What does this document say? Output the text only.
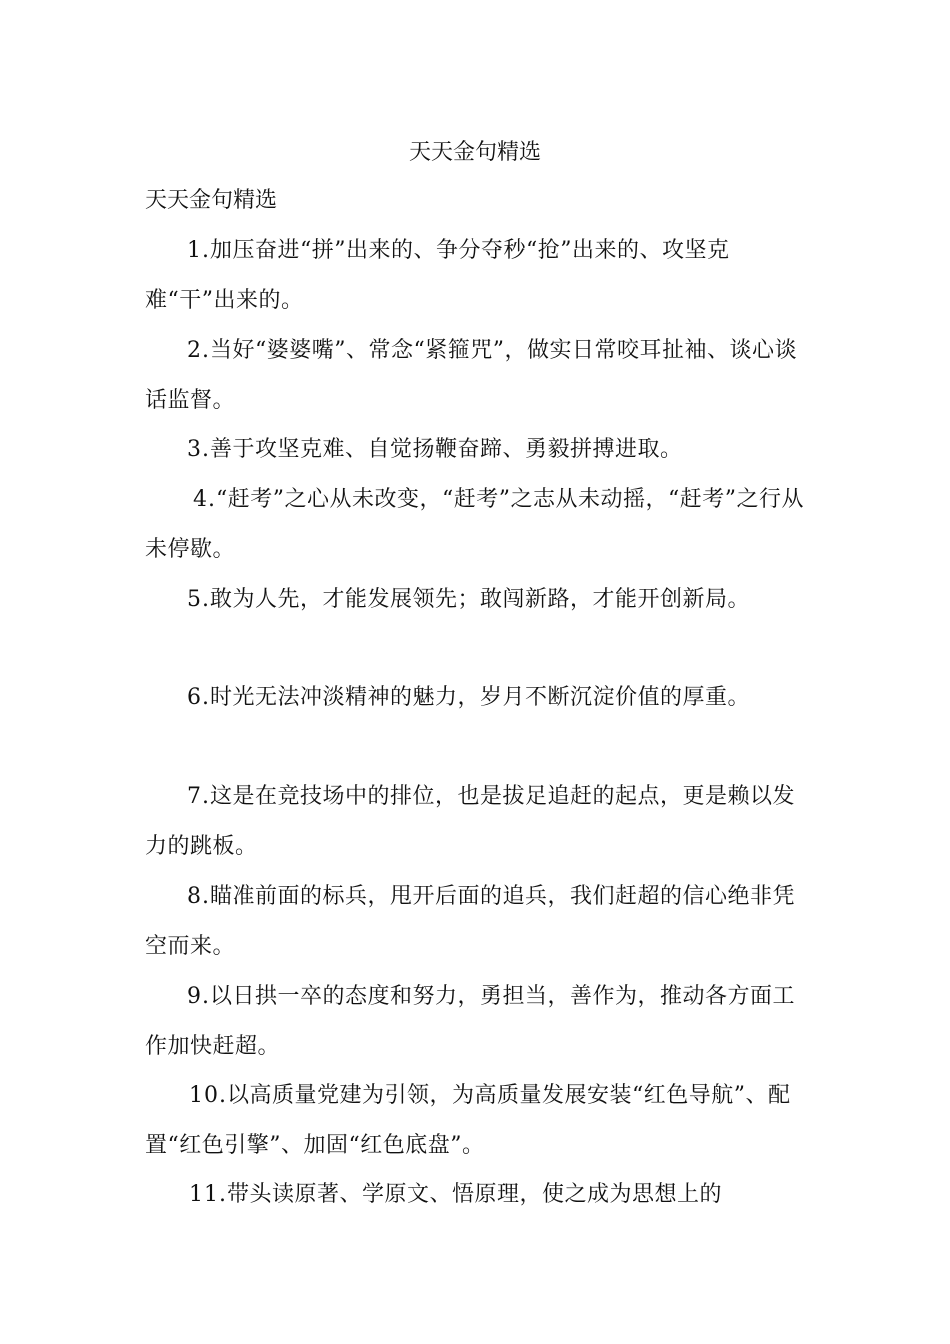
天天金句精选
天天金句精选
1.加压奋进“拼”出来的、争分夺秒“抢”出来的、攻坚克难“干”出来的。
2.当好“婆婆嘴”、常念“紧箍咒”，做实日常咬耳扯袖、谈心谈话监督。
3.善于攻坚克难、自觉扬鞭奋蹄、勇毅拼搏进取。
4.“赶考”之心从未改变，“赶考”之志从未动摇，“赶考”之行从未停歇。
5.敢为人先，才能发展领先；敢闯新路，才能开创新局。
6.时光无法冲淡精神的魅力，岁月不断沉淀价值的厚重。
7.这是在竞技场中的排位，也是拔足追赶的起点，更是赖以发力的跳板。
8.瞄准前面的标兵，甩开后面的追兵，我们赶超的信心绝非凭空而来。
9.以日拱一卒的态度和努力，勇担当，善作为，推动各方面工作加快赶超。
10.以高质量党建为引领，为高质量发展安装“红色导航”、配置“红色引擎”、加固“红色底盘”。
11.带头读原著、学原文、悟原理，使之成为思想上的
